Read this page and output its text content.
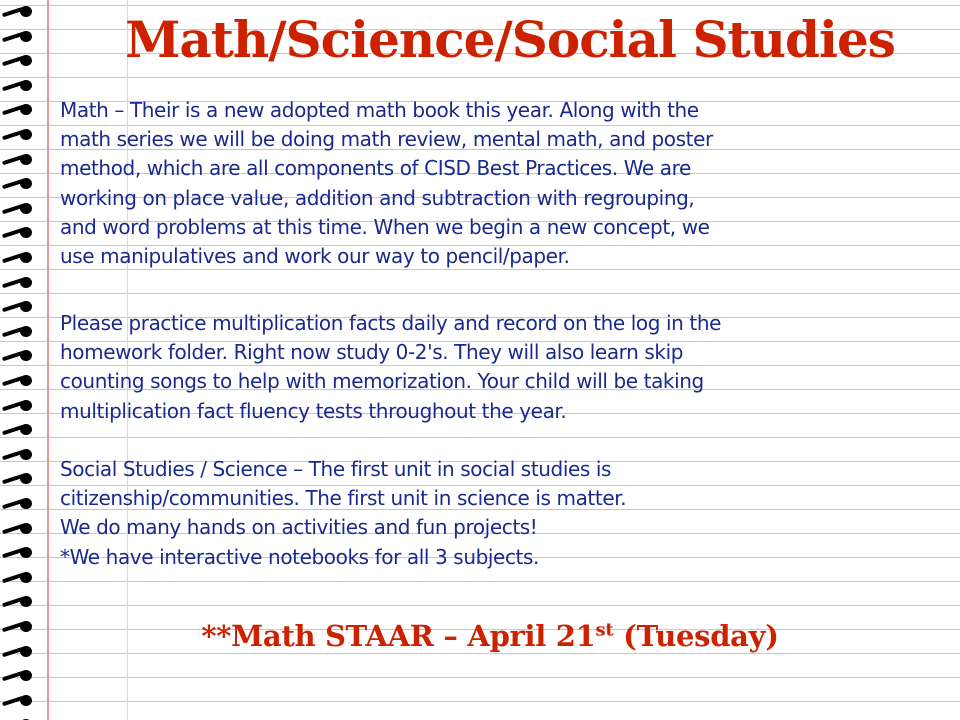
Math/Science/Social Studies
Math – Their is a new adopted math book this year. Along with the
math series we will be doing math review, mental math, and poster
method, which are all components of CISD Best Practices. We are
working on place value, addition and subtraction with regrouping,
and word problems at this time. When we begin a new concept, we
use manipulatives and work our way to pencil/paper.
Please practice multiplication facts daily and record on the log in the
homework folder. Right now study 0-2's. They will also learn skip
counting songs to help with memorization. Your child will be taking
multiplication fact fluency tests throughout the year.
Social Studies / Science – The first unit in social studies is
citizenship/communities. The first unit in science is matter.
We do many hands on activities and fun projects!
*We have interactive notebooks for all 3 subjects.

**Math STAAR – April 21st (Tuesday)
